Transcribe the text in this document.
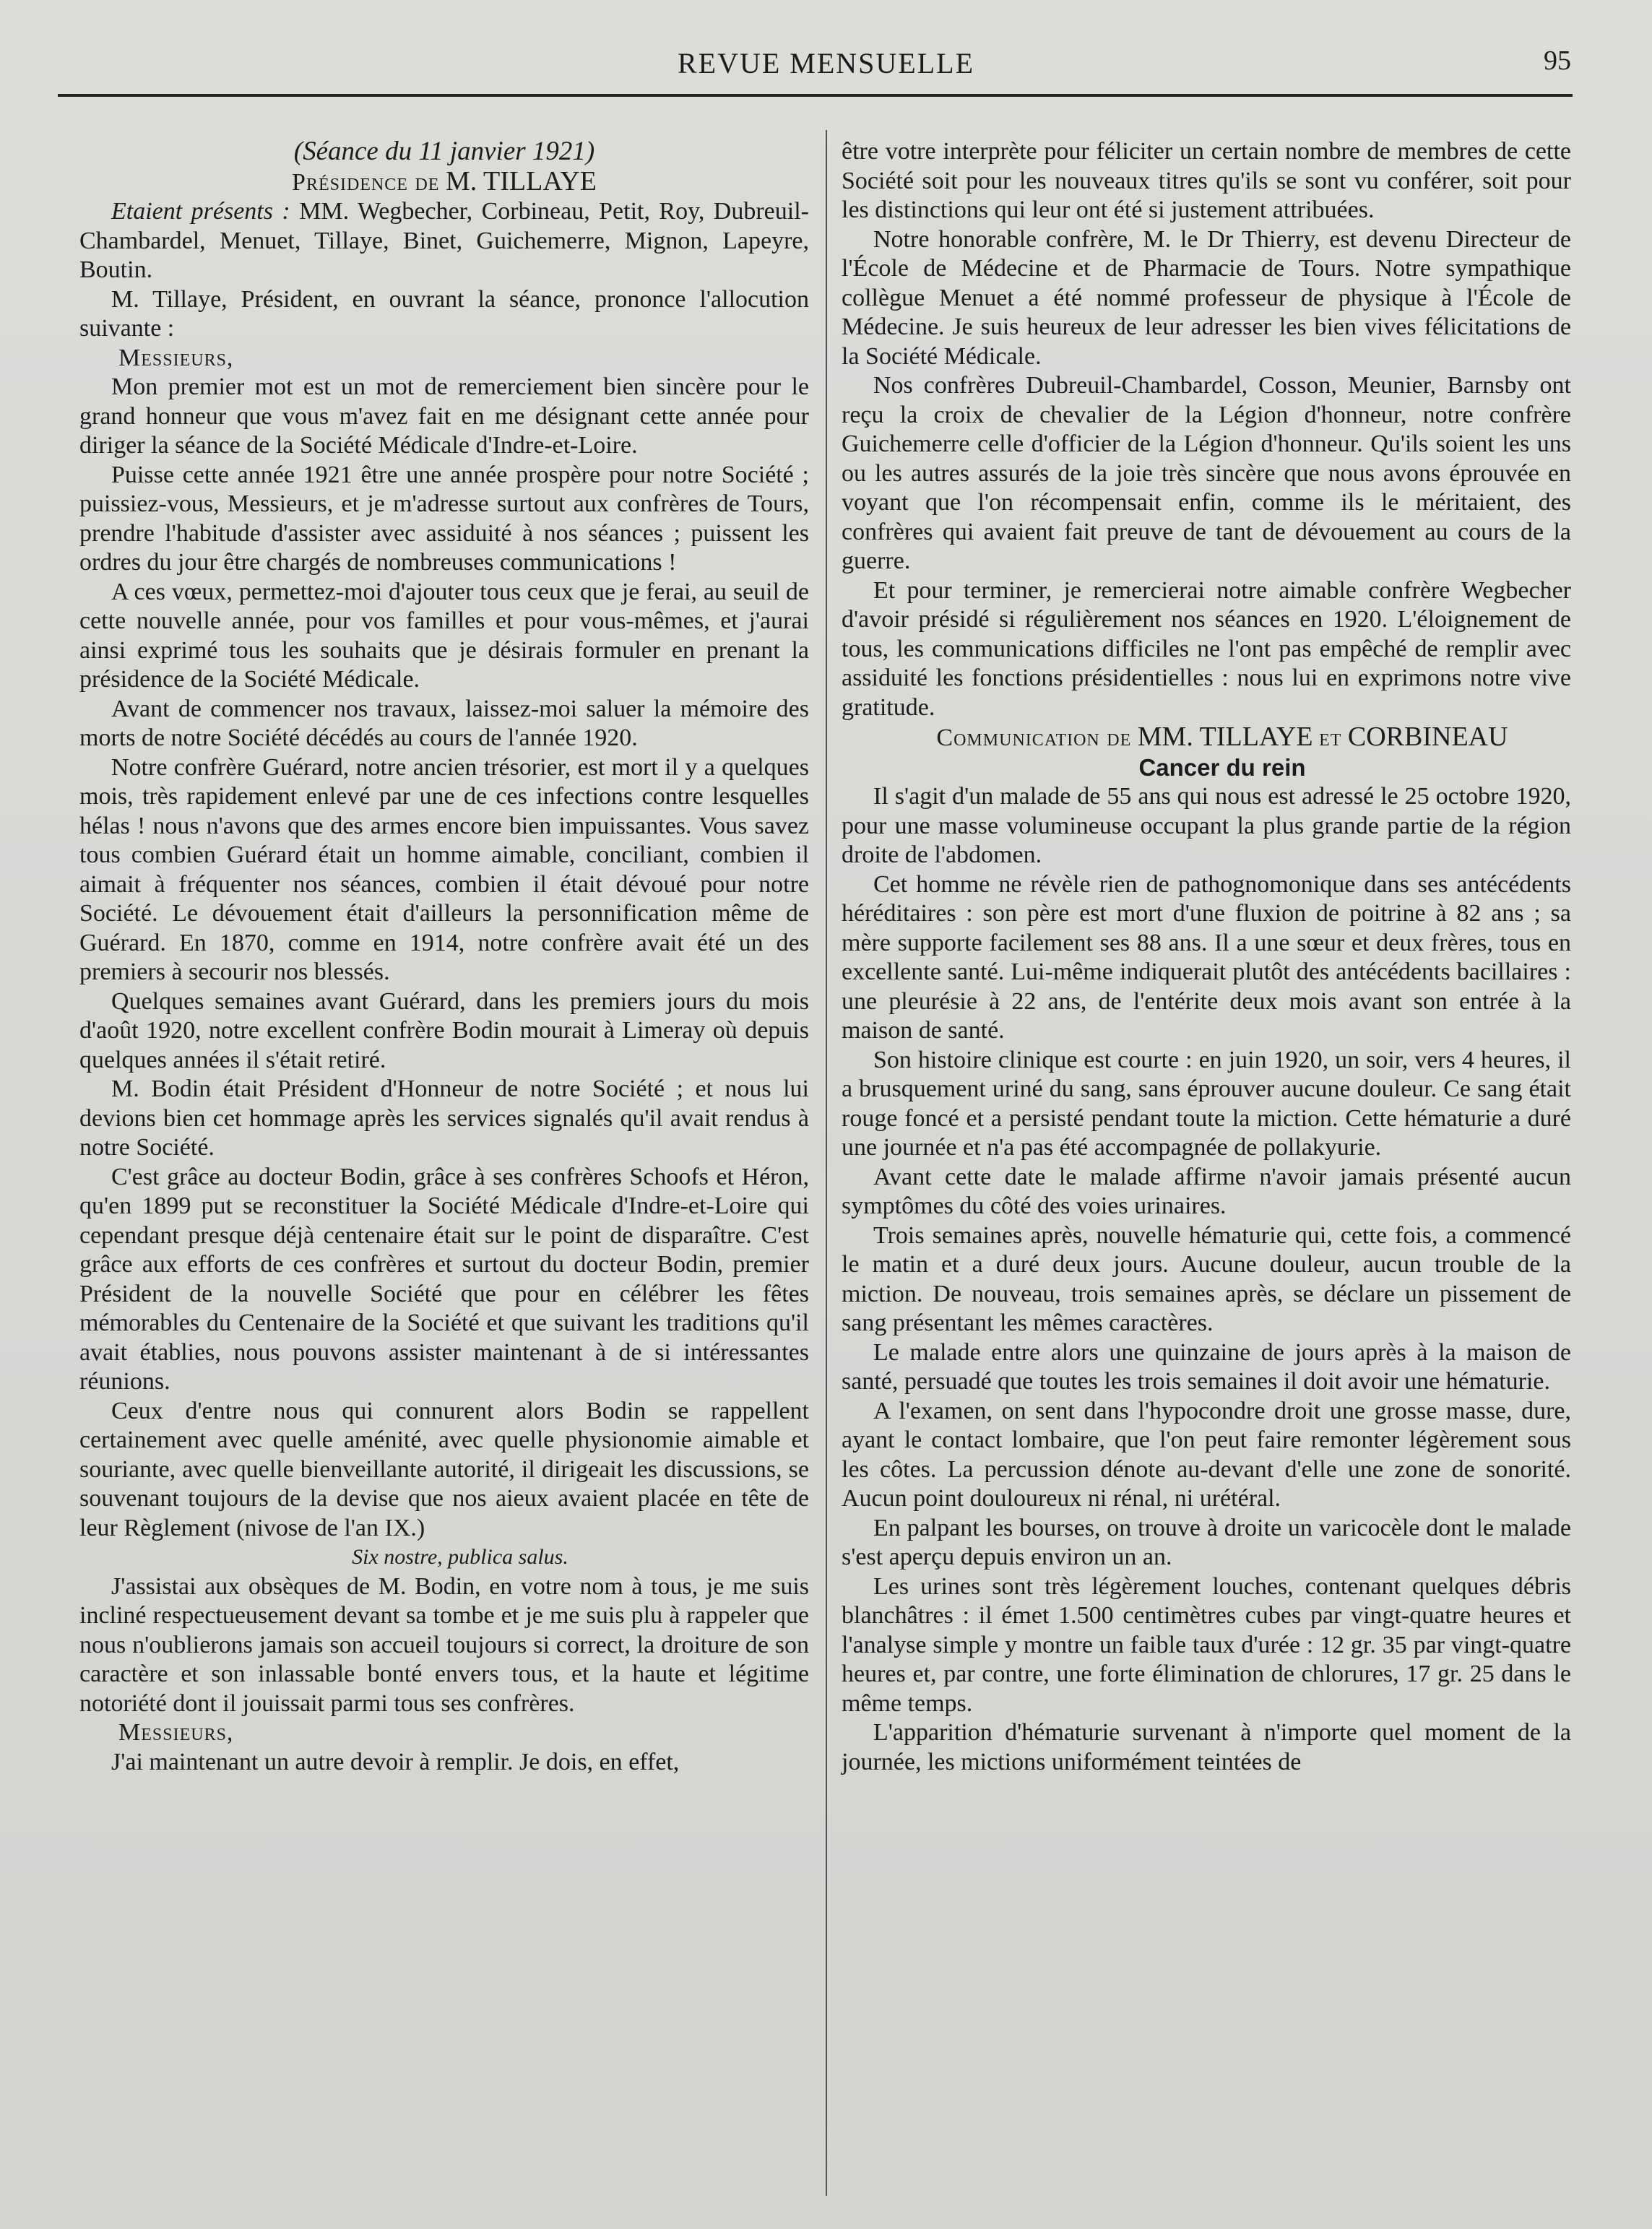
REVUE MENSUELLE	95

(Séance du 11 janvier 1921)

Présidence de M. TILLAYE

Etaient présents : MM. Wegbecher, Corbineau, Petit, Roy, Dubreuil-Chambardel, Menuet, Tillaye, Binet, Guichemerre, Mignon, Lapeyre, Boutin.

M. Tillaye, Président, en ouvrant la séance, prononce l'allocution suivante :

Messieurs,

Mon premier mot est un mot de remerciement bien sincère pour le grand honneur que vous m'avez fait en me désignant cette année pour diriger la séance de la Société Médicale d'Indre-et-Loire.

Puisse cette année 1921 être une année prospère pour notre Société ; puissiez-vous, Messieurs, et je m'adresse surtout aux confrères de Tours, prendre l'habitude d'assister avec assiduité à nos séances ; puissent les ordres du jour être chargés de nombreuses communications !

A ces vœux, permettez-moi d'ajouter tous ceux que je ferai, au seuil de cette nouvelle année, pour vos familles et pour vous-mêmes, et j'aurai ainsi exprimé tous les souhaits que je désirais formuler en prenant la présidence de la Société Médicale.

Avant de commencer nos travaux, laissez-moi saluer la mémoire des morts de notre Société décédés au cours de l'année 1920.

Notre confrère Guérard, notre ancien trésorier, est mort il y a quelques mois, très rapidement enlevé par une de ces infections contre lesquelles hélas ! nous n'avons que des armes encore bien impuissantes. Vous savez tous combien Guérard était un homme aimable, conciliant, combien il aimait à fréquenter nos séances, combien il était dévoué pour notre Société. Le dévouement était d'ailleurs la personnification même de Guérard. En 1870, comme en 1914, notre confrère avait été un des premiers à secourir nos blessés.

Quelques semaines avant Guérard, dans les premiers jours du mois d'août 1920, notre excellent confrère Bodin mourait à Limeray où depuis quelques années il s'était retiré.

M. Bodin était Président d'Honneur de notre Société ; et nous lui devions bien cet hommage après les services signalés qu'il avait rendus à notre Société.

C'est grâce au docteur Bodin, grâce à ses confrères Schoofs et Héron, qu'en 1899 put se reconstituer la Société Médicale d'Indre-et-Loire qui cependant presque déjà centenaire était sur le point de disparaître. C'est grâce aux efforts de ces confrères et surtout du docteur Bodin, premier Président de la nouvelle Société que pour en célébrer les fêtes mémorables du Centenaire de la Société et que suivant les traditions qu'il avait établies, nous pouvons assister maintenant à de si intéressantes réunions.

Ceux d'entre nous qui connurent alors Bodin se rappellent certainement avec quelle aménité, avec quelle physionomie aimable et souriante, avec quelle bienveillante autorité, il dirigeait les discussions, se souvenant toujours de la devise que nos aieux avaient placée en tête de leur Règlement (nivose de l'an IX.)

Six nostre, publica salus.

J'assistai aux obsèques de M. Bodin, en votre nom à tous, je me suis incliné respectueusement devant sa tombe et je me suis plu à rappeler que nous n'oublierons jamais son accueil toujours si correct, la droiture de son caractère et son inlassable bonté envers tous, et la haute et légitime notoriété dont il jouissait parmi tous ses confrères.

Messieurs,

J'ai maintenant un autre devoir à remplir. Je dois, en effet,

être votre interprète pour féliciter un certain nombre de membres de cette Société soit pour les nouveaux titres qu'ils se sont vu conférer, soit pour les distinctions qui leur ont été si justement attribuées.

Notre honorable confrère, M. le Dr Thierry, est devenu Directeur de l'École de Médecine et de Pharmacie de Tours. Notre sympathique collègue Menuet a été nommé professeur de physique à l'École de Médecine. Je suis heureux de leur adresser les bien vives félicitations de la Société Médicale.

Nos confrères Dubreuil-Chambardel, Cosson, Meunier, Barnsby ont reçu la croix de chevalier de la Légion d'honneur, notre confrère Guichemerre celle d'officier de la Légion d'honneur. Qu'ils soient les uns ou les autres assurés de la joie très sincère que nous avons éprouvée en voyant que l'on récompensait enfin, comme ils le méritaient, des confrères qui avaient fait preuve de tant de dévouement au cours de la guerre.

Et pour terminer, je remercierai notre aimable confrère Wegbecher d'avoir présidé si régulièrement nos séances en 1920. L'éloignement de tous, les communications difficiles ne l'ont pas empêché de remplir avec assiduité les fonctions présidentielles : nous lui en exprimons notre vive gratitude.

Communication de MM. TILLAYE et CORBINEAU

Cancer du rein

Il s'agit d'un malade de 55 ans qui nous est adressé le 25 octobre 1920, pour une masse volumineuse occupant la plus grande partie de la région droite de l'abdomen.

Cet homme ne révèle rien de pathognomonique dans ses antécédents héréditaires : son père est mort d'une fluxion de poitrine à 82 ans ; sa mère supporte facilement ses 88 ans. Il a une sœur et deux frères, tous en excellente santé. Lui-même indiquerait plutôt des antécédents bacillaires : une pleurésie à 22 ans, de l'entérite deux mois avant son entrée à la maison de santé.

Son histoire clinique est courte : en juin 1920, un soir, vers 4 heures, il a brusquement uriné du sang, sans éprouver aucune douleur. Ce sang était rouge foncé et a persisté pendant toute la miction. Cette hématurie a duré une journée et n'a pas été accompagnée de pollakyurie.

Avant cette date le malade affirme n'avoir jamais présenté aucun symptômes du côté des voies urinaires.

Trois semaines après, nouvelle hématurie qui, cette fois, a commencé le matin et a duré deux jours. Aucune douleur, aucun trouble de la miction. De nouveau, trois semaines après, se déclare un pissement de sang présentant les mêmes caractères.

Le malade entre alors une quinzaine de jours après à la maison de santé, persuadé que toutes les trois semaines il doit avoir une hématurie.

A l'examen, on sent dans l'hypocondre droit une grosse masse, dure, ayant le contact lombaire, que l'on peut faire remonter légèrement sous les côtes. La percussion dénote au-devant d'elle une zone de sonorité. Aucun point douloureux ni rénal, ni urétéral.

En palpant les bourses, on trouve à droite un varicocèle dont le malade s'est aperçu depuis environ un an.

Les urines sont très légèrement louches, contenant quelques débris blanchâtres : il émet 1.500 centimètres cubes par vingt-quatre heures et l'analyse simple y montre un faible taux d'urée : 12 gr. 35 par vingt-quatre heures et, par contre, une forte élimination de chlorures, 17 gr. 25 dans le même temps.

L'apparition d'hématurie survenant à n'importe quel moment de la journée, les mictions uniformément teintées de
